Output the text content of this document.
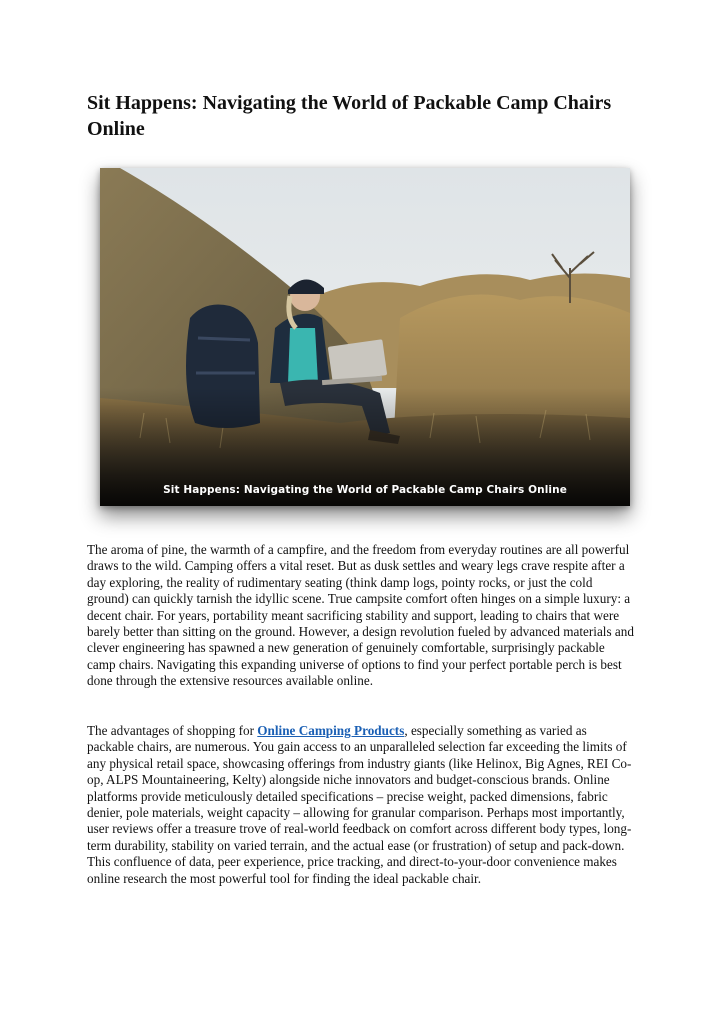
Sit Happens: Navigating the World of Packable Camp Chairs Online
Sit Happens: Navigating the World of Packable Camp Chairs Online

The aroma of pine, the warmth of a campfire, and the freedom from everyday routines are all powerful draws to the wild. Camping offers a vital reset. But as dusk settles and weary legs crave respite after a day exploring, the reality of rudimentary seating (think damp logs, pointy rocks, or just the cold ground) can quickly tarnish the idyllic scene. True campsite comfort often hinges on a simple luxury: a decent chair. For years, portability meant sacrificing stability and support, leading to chairs that were barely better than sitting on the ground. However, a design revolution fueled by advanced materials and clever engineering has spawned a new generation of genuinely comfortable, surprisingly packable camp chairs. Navigating this expanding universe of options to find your perfect portable perch is best done through the extensive resources available online.

The advantages of shopping for Online Camping Products, especially something as varied as packable chairs, are numerous. You gain access to an unparalleled selection far exceeding the limits of any physical retail space, showcasing offerings from industry giants (like Helinox, Big Agnes, REI Co-op, ALPS Mountaineering, Kelty) alongside niche innovators and budget-conscious brands. Online platforms provide meticulously detailed specifications – precise weight, packed dimensions, fabric denier, pole materials, weight capacity – allowing for granular comparison. Perhaps most importantly, user reviews offer a treasure trove of real-world feedback on comfort across different body types, long-term durability, stability on varied terrain, and the actual ease (or frustration) of setup and pack-down. This confluence of data, peer experience, price tracking, and direct-to-your-door convenience makes online research the most powerful tool for finding the ideal packable chair.
